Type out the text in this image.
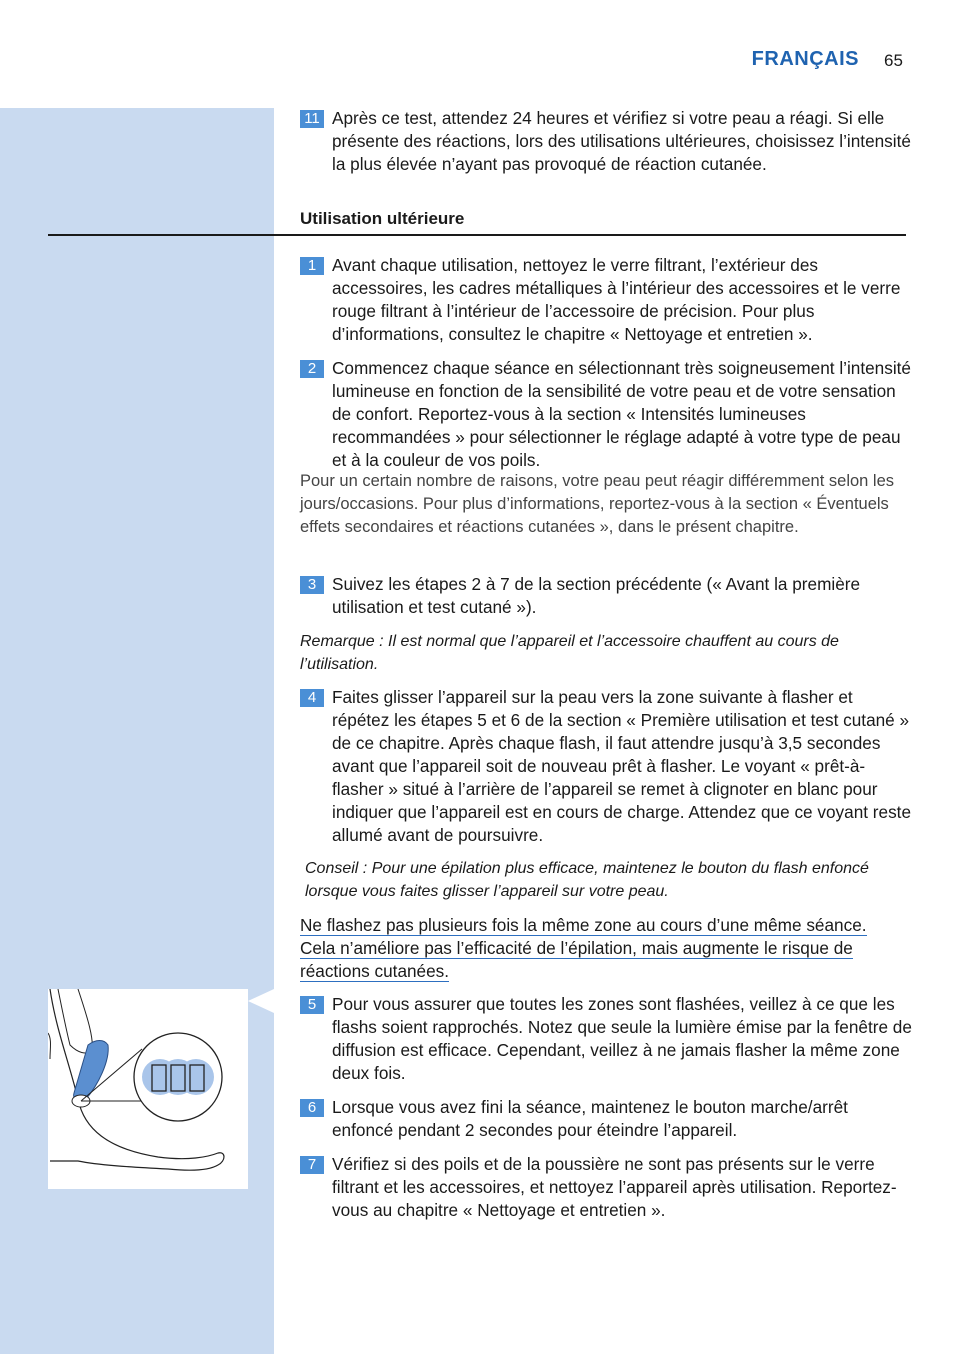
FRANÇAIS 65
11 Après ce test, attendez 24 heures et vérifiez si votre peau a réagi. Si elle présente des réactions, lors des utilisations ultérieures, choisissez l’intensité la plus élevée n’ayant pas provoqué de réaction cutanée.
Utilisation ultérieure
1 Avant chaque utilisation, nettoyez le verre filtrant, l’extérieur des accessoires, les cadres métalliques à l’intérieur des accessoires et le verre rouge filtrant à l’intérieur de l’accessoire de précision. Pour plus d’informations, consultez le chapitre « Nettoyage et entretien ».
2 Commencez chaque séance en sélectionnant très soigneusement l’intensité lumineuse en fonction de la sensibilité de votre peau et de votre sensation de confort. Reportez-vous à la section « Intensités lumineuses recommandées » pour sélectionner le réglage adapté à votre type de peau et à la couleur de vos poils.
Pour un certain nombre de raisons, votre peau peut réagir différemment selon les jours/occasions. Pour plus d’informations, reportez-vous à la section « Éventuels effets secondaires et réactions cutanées », dans le présent chapitre.
3 Suivez les étapes 2 à 7 de la section précédente (« Avant la première utilisation et test cutané »).
Remarque : Il est normal que l’appareil et l’accessoire chauffent au cours de l’utilisation.
4 Faites glisser l’appareil sur la peau vers la zone suivante à flasher et répétez les étapes 5 et 6 de la section « Première utilisation et test cutané » de ce chapitre. Après chaque flash, il faut attendre jusqu’à 3,5 secondes avant que l’appareil soit de nouveau prêt à flasher. Le voyant « prêt-à-flasher » situé à l’arrière de l’appareil se remet à clignoter en blanc pour indiquer que l’appareil est en cours de charge. Attendez que ce voyant reste allumé avant de poursuivre.
Conseil : Pour une épilation plus efficace, maintenez le bouton du flash enfoncé lorsque vous faites glisser l’appareil sur votre peau.
Ne flashez pas plusieurs fois la même zone au cours d’une même séance.
Cela n’améliore pas l’efficacité de l’épilation, mais augmente le risque de
réactions cutanées.
5 Pour vous assurer que toutes les zones sont flashées, veillez à ce que les flashs soient rapprochés. Notez que seule la lumière émise par la fenêtre de diffusion est efficace. Cependant, veillez à ne jamais flasher la même zone deux fois.
6 Lorsque vous avez fini la séance, maintenez le bouton marche/arrêt enfoncé pendant 2 secondes pour éteindre l’appareil.
7 Vérifiez si des poils et de la poussière ne sont pas présents sur le verre filtrant et les accessoires, et nettoyez l’appareil après utilisation. Reportez-vous au chapitre « Nettoyage et entretien ».
